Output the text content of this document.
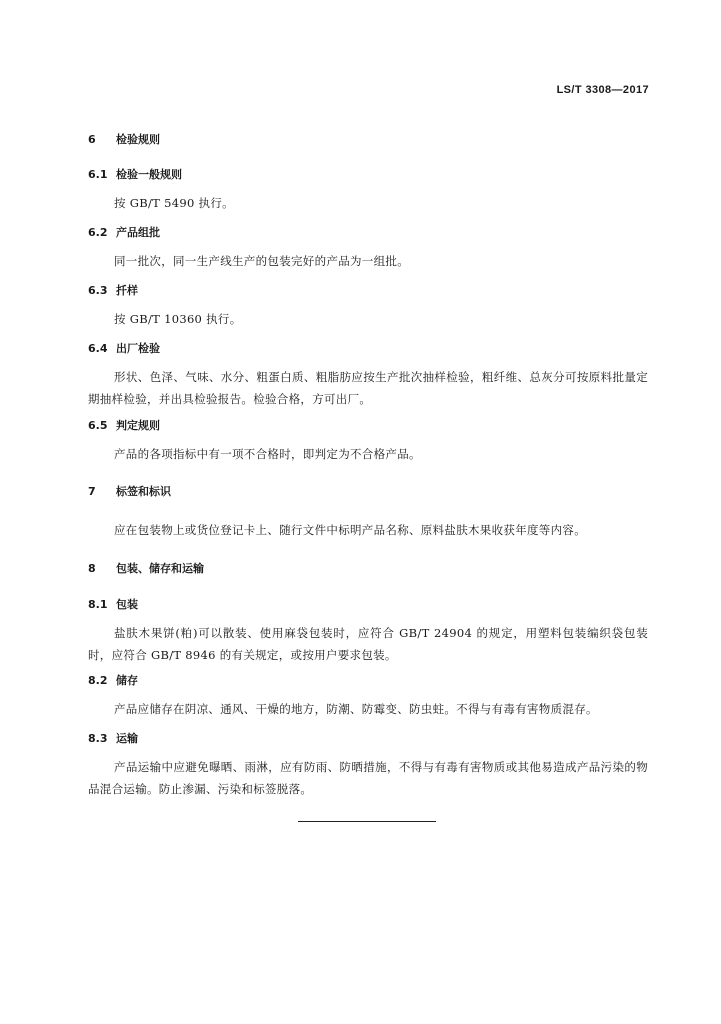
LS/T 3308—2017
6 检验规则
6.1 检验一般规则
按 GB/T 5490 执行。
6.2 产品组批
同一批次，同一生产线生产的包装完好的产品为一组批。
6.3 扦样
按 GB/T 10360 执行。
6.4 出厂检验
形状、色泽、气味、水分、粗蛋白质、粗脂肪应按生产批次抽样检验，粗纤维、总灰分可按原料批量定期抽样检验，并出具检验报告。检验合格，方可出厂。
6.5 判定规则
产品的各项指标中有一项不合格时，即判定为不合格产品。
7 标签和标识
应在包装物上或货位登记卡上、随行文件中标明产品名称、原料盐肤木果收获年度等内容。
8 包装、储存和运输
8.1 包装
盐肤木果饼(粕)可以散装、使用麻袋包装时，应符合 GB/T 24904 的规定，用塑料包装编织袋包装时，应符合 GB/T 8946 的有关规定，或按用户要求包装。
8.2 储存
产品应储存在阴凉、通风、干燥的地方，防潮、防霉变、防虫蛀。不得与有毒有害物质混存。
8.3 运输
产品运输中应避免曝晒、雨淋，应有防雨、防晒措施，不得与有毒有害物质或其他易造成产品污染的物品混合运输。防止渗漏、污染和标签脱落。
